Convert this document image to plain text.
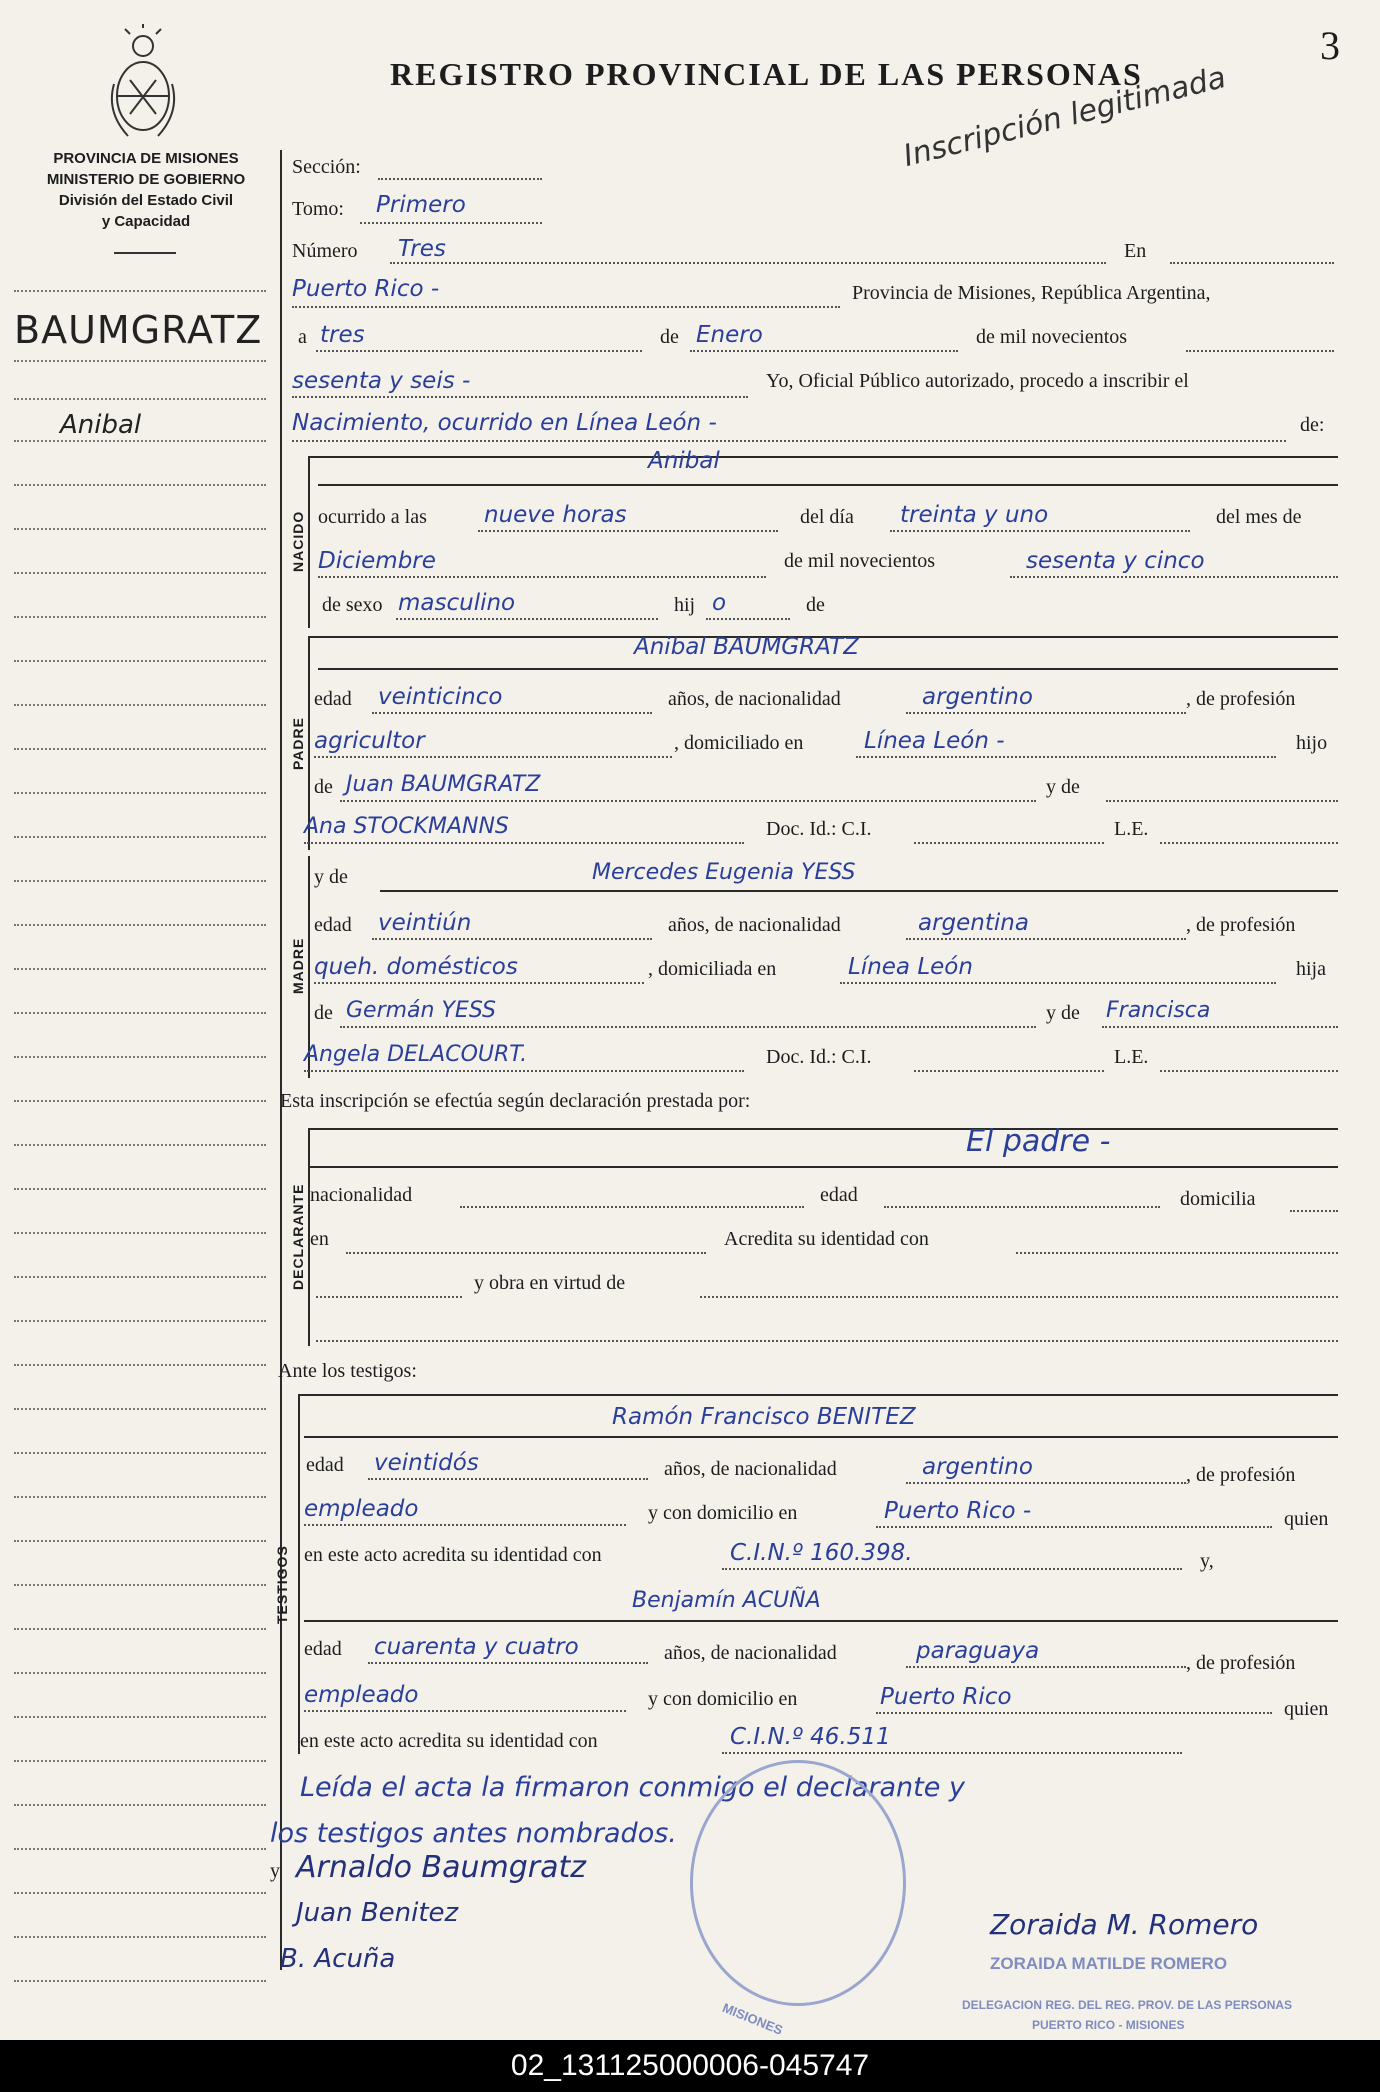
3
REGISTRO PROVINCIAL DE LAS PERSONAS
Inscripción legitimada
PROVINCIA DE MISIONES
MINISTERIO DE GOBIERNO
División del Estado Civil
y Capacidad
BAUMGRATZ
Anibal
Sección:
Tomo: Primero
Número Tres	En
Puerto Rico -	Provincia de Misiones, República Argentina,
a tres	de Enero	de mil novecientos
sesenta y seis -	Yo, Oficial Público autorizado, procedo a inscribir el
Nacimiento, ocurrido en Línea León -	de:
NACIDO
Anibal
ocurrido a las nueve horas	del día treinta y uno	del mes de
Diciembre	de mil novecientos	sesenta y cinco
de sexo masculino	hij o	de
PADRE
Anibal BAUMGRATZ
edad veinticinco	años, de nacionalidad	argentino	, de profesión
agricultor	, domiciliado en	Línea León -	hijo
de Juan BAUMGRATZ	y de
Ana STOCKMANNS	Doc. Id.: C.I.	L.E.
MADRE
y de	Mercedes Eugenia YESS
edad veintiún	años, de nacionalidad	argentina	, de profesión
queh. domésticos	, domiciliada en	Línea León	hija
de Germán YESS	y de Francisca
Angela DELACOURT.	Doc. Id.: C.I.	L.E.
Esta inscripción se efectúa según declaración prestada por:
DECLARANTE
El padre -
nacionalidad	edad	domicilia
en	Acredita su identidad con
y obra en virtud de
Ante los testigos:
TESTIGOS
Ramón Francisco BENITEZ
edad veintidós	años, de nacionalidad	argentino	, de profesión
empleado	y con domicilio en	Puerto Rico -	quien
en este acto acredita su identidad con	C.I.N.º 160.398.	y,
Benjamín ACUÑA
edad cuarenta y cuatro	años, de nacionalidad	paraguaya	, de profesión
empleado	y con domicilio en	Puerto Rico	quien
en este acto acredita su identidad con	C.I.N.º 46.511
Leída el acta la firmaron conmigo el declarante y
los testigos antes nombrados.
y
MISIONES
ZORAIDA MATILDE ROMERO
DELEGACION REG. DEL REG. PROV. DE LAS PERSONAS
PUERTO RICO - MISIONES
Arnaldo Baumgratz
Juan Benitez
B. Acuña
Zoraida M. Romero
02_131125000006-045747
